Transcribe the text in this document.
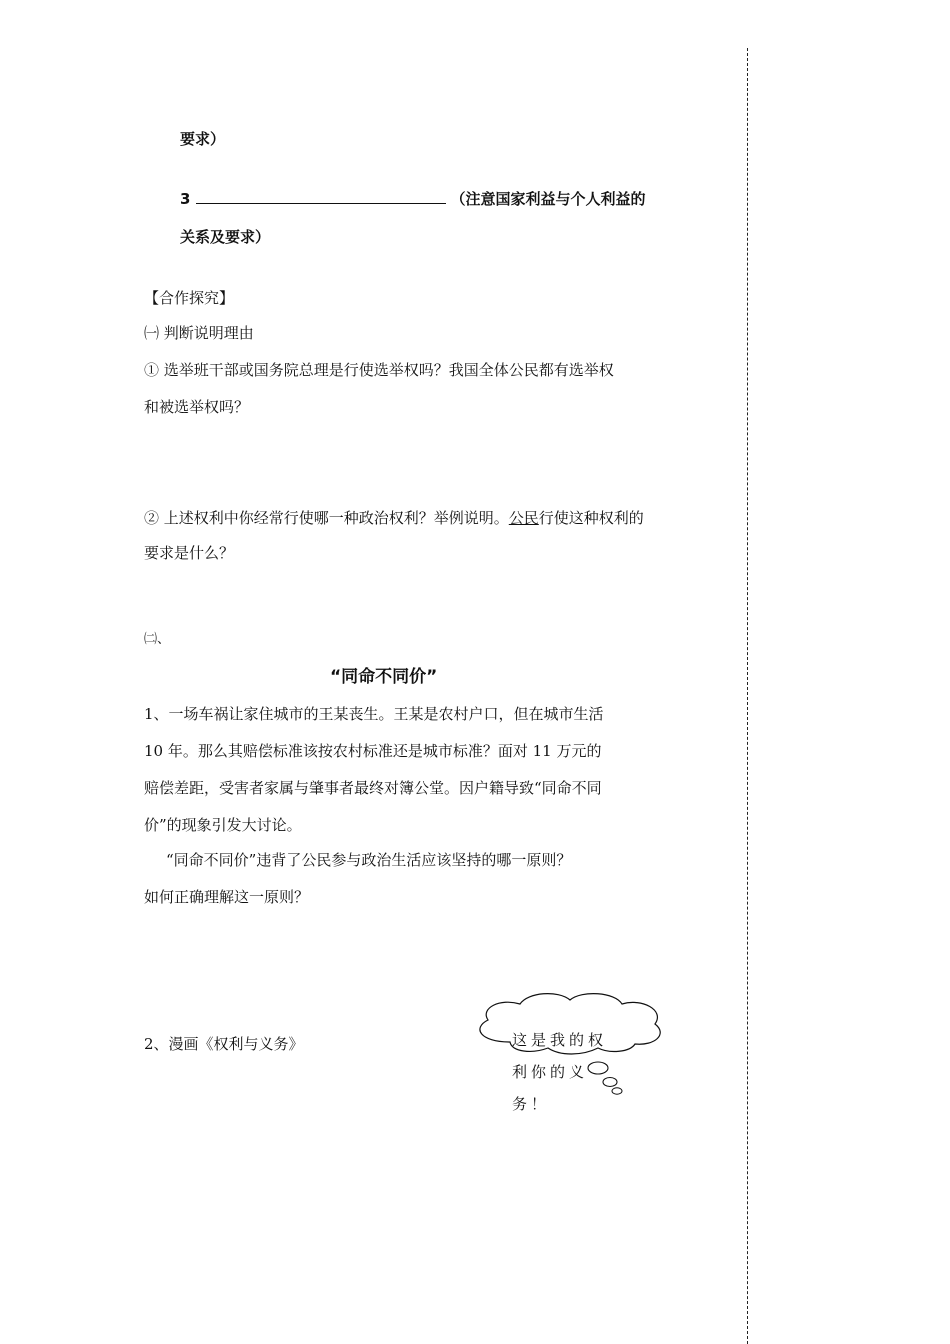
要求）
3	（注意国家利益与个人利益的
关系及要求）
【合作探究】
㈠ 判断说明理由
① 选举班干部或国务院总理是行使选举权吗？我国全体公民都有选举权
和被选举权吗？
② 上述权利中你经常行使哪一种政治权利？举例说明。公民行使这种权利的
要求是什么？
㈡、
“同命不同价”
1、一场车祸让家住城市的王某丧生。王某是农村户口，但在城市生活
10 年。那么其赔偿标准该按农村标准还是城市标准？面对 11 万元的
赔偿差距，受害者家属与肇事者最终对簿公堂。因户籍导致“同命不同
价”的现象引发大讨论。
“同命不同价”违背了公民参与政治生活应该坚持的哪一原则？
如何正确理解这一原则？
2、漫画《权利与义务》	这是我的权利你的义务！
